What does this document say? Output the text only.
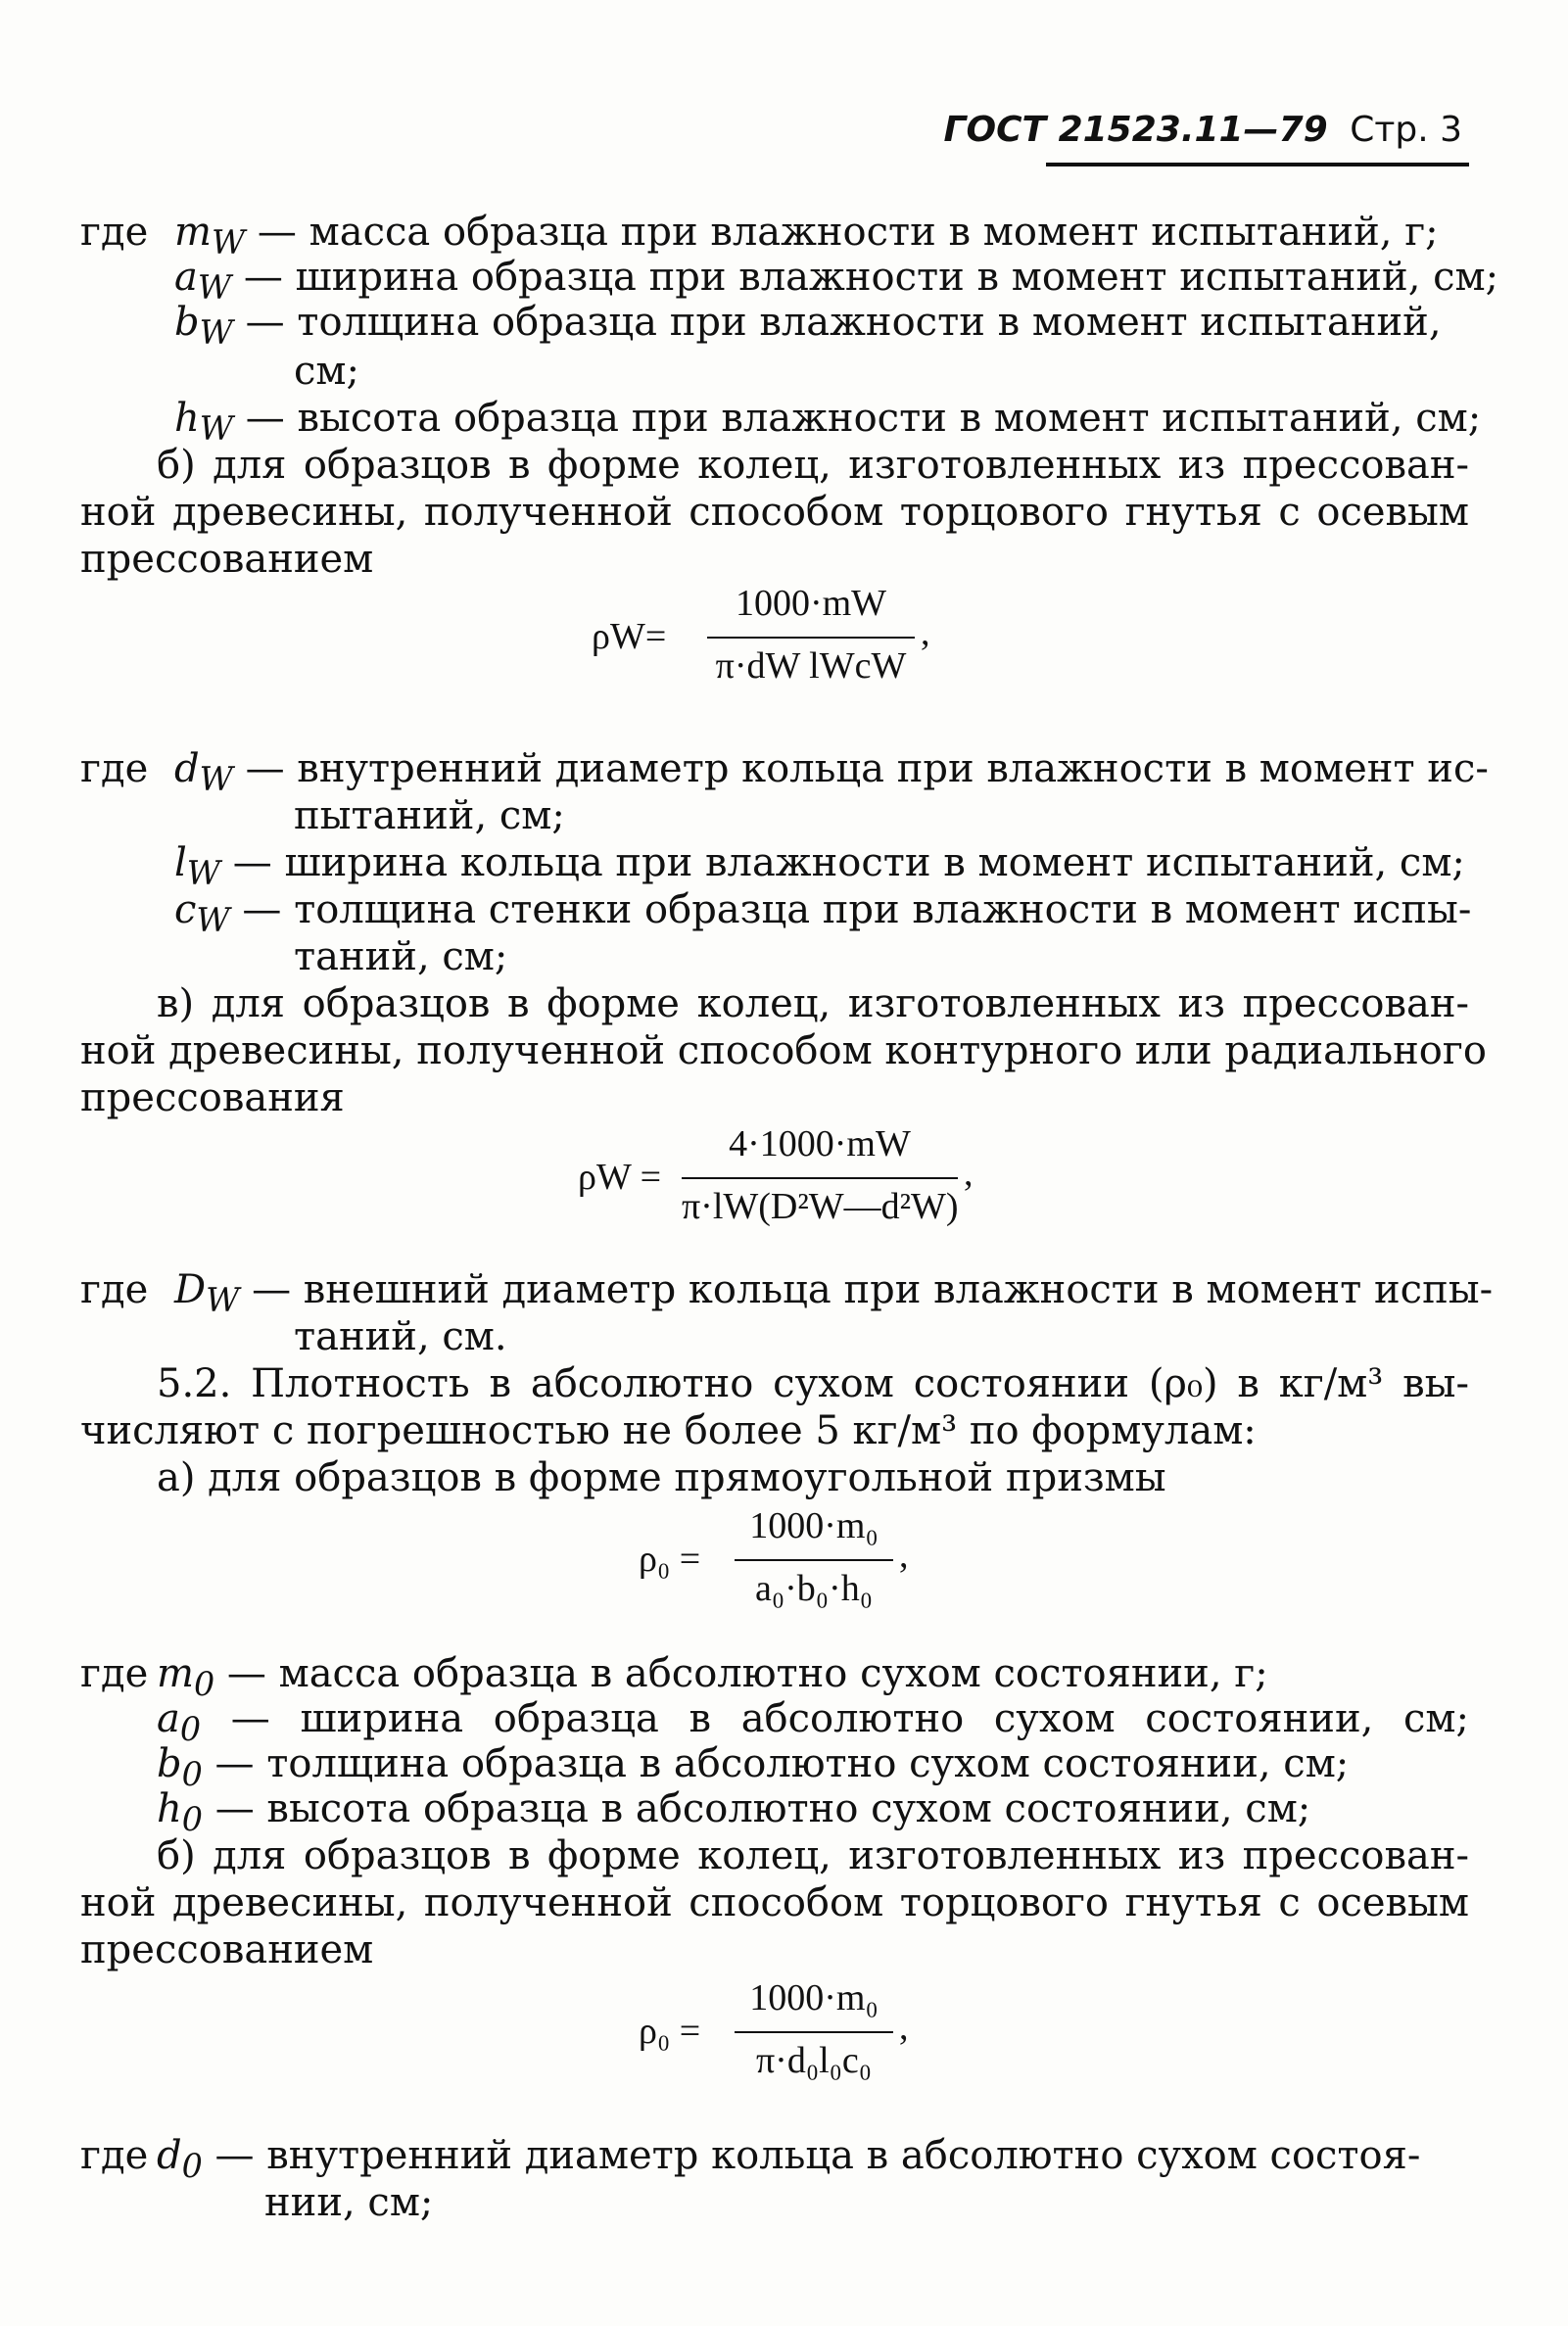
ГОСТ 21523.11—79 Стр. 3
где $m_W$ — масса образца при влажности в момент испытаний, г;
$a_W$ — ширина образца при влажности в момент испытаний, см;
$b_W$ — толщина образца при влажности в момент испытаний,
см;
$h_W$ — высота образца при влажности в момент испытаний, см;
б) для образцов в форме колец, изготовленных из прессован-
ной древесины, полученной способом торцового гнутья с осевым
прессованием
ρW=
1000·mW
π·dW lWcW
,
где $d_W$ — внутренний диаметр кольца при влажности в момент ис-
пытаний, см;
$l_W$ — ширина кольца при влажности в момент испытаний, см;
$c_W$ — толщина стенки образца при влажности в момент испы-
таний, см;
в) для образцов в форме колец, изготовленных из прессован-
ной древесины, полученной способом контурного или радиального
прессования
ρW =
4·1000·mW
π·lW(D²W—d²W)
,
где $D_W$ — внешний диаметр кольца при влажности в момент испы-
таний, см.
5.2. Плотность в абсолютно сухом состоянии (ρ₀) в кг/м³ вы-
числяют с погрешностью не более 5 кг/м³ по формулам:
а) для образцов в форме прямоугольной призмы
ρ₀ =
1000·m₀
a₀·b₀·h₀
,
где $m_0$ — масса образца в абсолютно сухом состоянии, г;
$a_0$ — ширина образца в абсолютно сухом состоянии, см;
$b_0$ — толщина образца в абсолютно сухом состоянии, см;
$h_0$ — высота образца в абсолютно сухом состоянии, см;
б) для образцов в форме колец, изготовленных из прессован-
ной древесины, полученной способом торцового гнутья с осевым
прессованием
ρ₀ =
1000·m₀
π·d₀l₀c₀
,
где $d_0$ — внутренний диаметр кольца в абсолютно сухом состоя-
нии, см;
